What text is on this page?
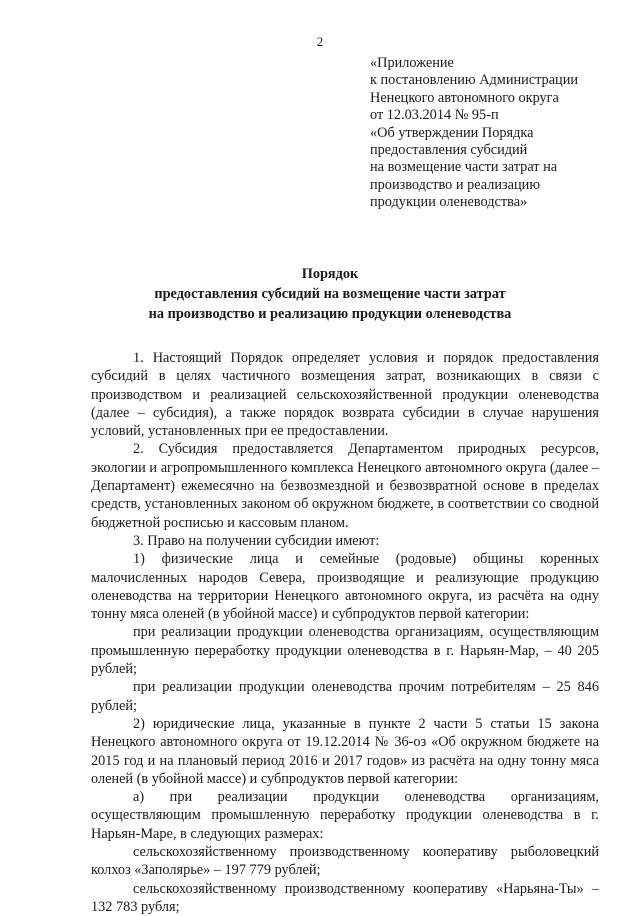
2
«Приложение
к постановлению Администрации
Ненецкого автономного округа
от 12.03.2014 № 95-п
«Об утверждении Порядка
предоставления субсидий
на возмещение части затрат на
производство и реализацию
продукции оленеводства»
Порядок
предоставления субсидий на возмещение части затрат
на производство и реализацию продукции оленеводства

1. Настоящий Порядок определяет условия и порядок предоставления субсидий в целях частичного возмещения затрат, возникающих в связи с производством и реализацией сельскохозяйственной продукции оленеводства (далее – субсидия), а также порядок возврата субсидии в случае нарушения условий, установленных при ее предоставлении.

2. Субсидия предоставляется Департаментом природных ресурсов, экологии и агропромышленного комплекса Ненецкого автономного округа (далее – Департамент) ежемесячно на безвозмездной и безвозвратной основе в пределах средств, установленных законом об окружном бюджете, в соответствии со сводной бюджетной росписью и кассовым планом.

3. Право на получении субсидии имеют:

1) физические лица и семейные (родовые) общины коренных малочисленных народов Севера, производящие и реализующие продукцию оленеводства на территории Ненецкого автономного округа, из расчёта на одну тонну мяса оленей (в убойной массе) и субпродуктов первой категории:

при реализации продукции оленеводства организациям, осуществляющим промышленную переработку продукции оленеводства в г. Нарьян-Мар, – 40 205 рублей;

при реализации продукции оленеводства прочим потребителям – 25 846 рублей;

2) юридические лица, указанные в пункте 2 части 5 статьи 15 закона Ненецкого автономного округа от 19.12.2014 № 36-оз «Об окружном бюджете на 2015 год и на плановый период 2016 и 2017 годов» из расчёта на одну тонну мяса оленей (в убойной массе) и субпродуктов первой категории:

а) при реализации продукции оленеводства организациям, осуществляющим промышленную переработку продукции оленеводства в г. Нарьян-Маре, в следующих размерах:

сельскохозяйственному производственному кооперативу рыболовецкий колхоз «Заполярье» – 197 779 рублей;

сельскохозяйственному производственному кооперативу «Нарьяна-Ты» – 132 783 рубля;
